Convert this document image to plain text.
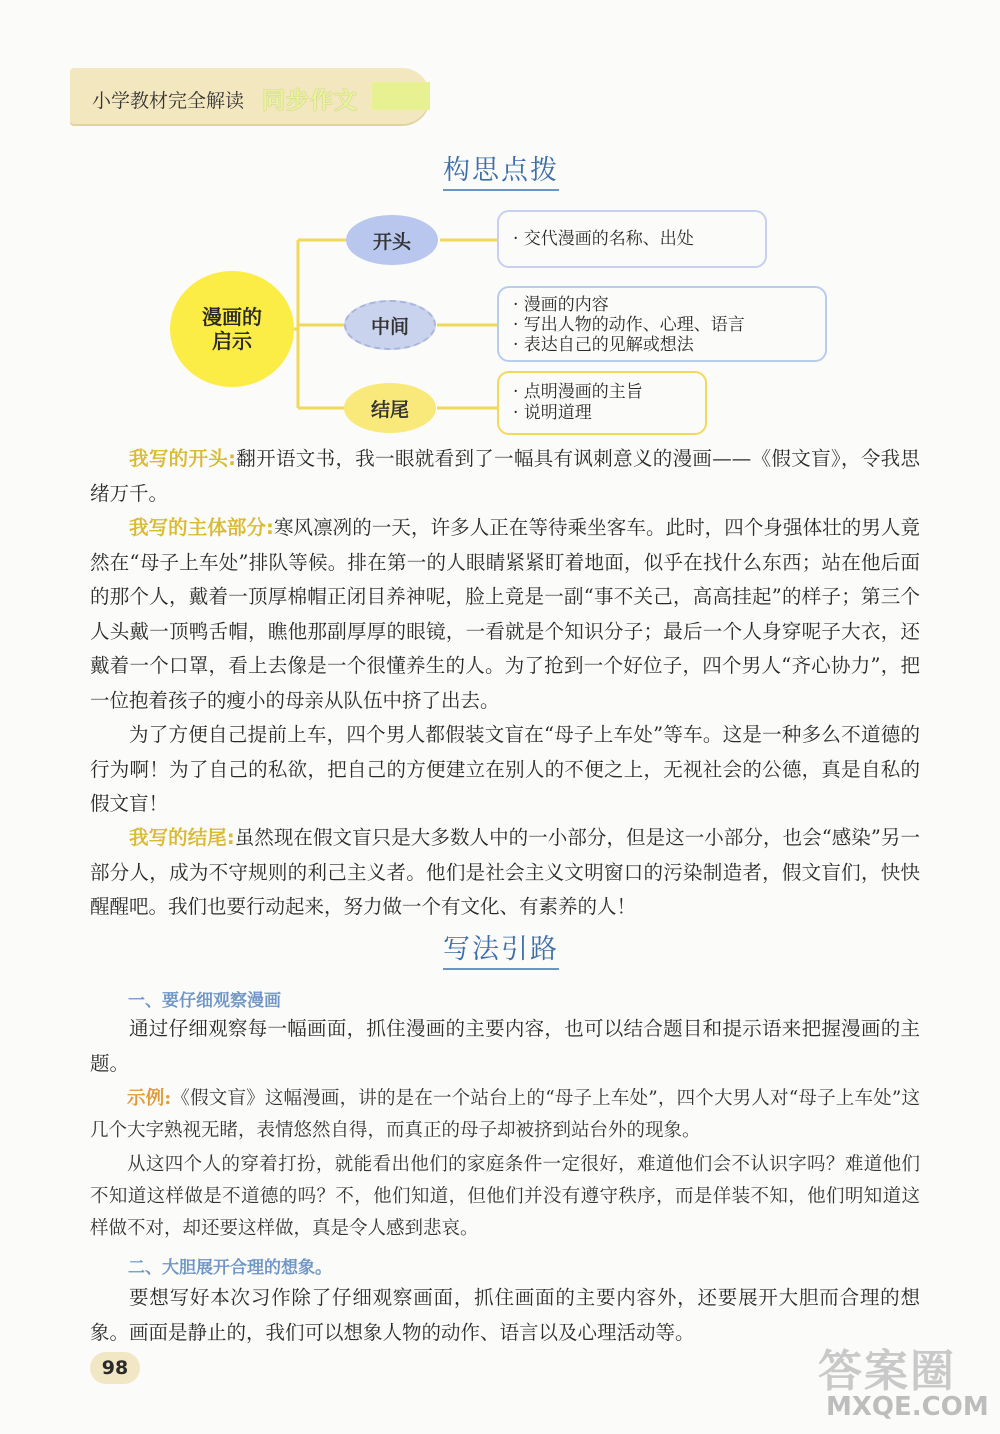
小学教材完全解读 同步作文
构思点拨
漫画的
启示
开头
中间
结尾
· 交代漫画的名称、出处
· 漫画的内容
· 写出人物的动作、心理、语言
· 表达自己的见解或想法
· 点明漫画的主旨
· 说明道理

我写的开头:翻开语文书，我一眼就看到了一幅具有讽刺意义的漫画——《假文盲》，令我思绪万千。

我写的主体部分:寒风凛冽的一天，许多人正在等待乘坐客车。此时，四个身强体壮的男人竟然在“母子上车处”排队等候。排在第一的人眼睛紧紧盯着地面，似乎在找什么东西；站在他后面的那个人，戴着一顶厚棉帽正闭目养神呢，脸上竟是一副“事不关己，高高挂起”的样子；第三个人头戴一顶鸭舌帽，瞧他那副厚厚的眼镜，一看就是个知识分子；最后一个人身穿呢子大衣，还戴着一个口罩，看上去像是一个很懂养生的人。为了抢到一个好位子，四个男人“齐心协力”，把一位抱着孩子的瘦小的母亲从队伍中挤了出去。

为了方便自己提前上车，四个男人都假装文盲在“母子上车处”等车。这是一种多么不道德的行为啊！为了自己的私欲，把自己的方便建立在别人的不便之上，无视社会的公德，真是自私的假文盲！

我写的结尾:虽然现在假文盲只是大多数人中的一小部分，但是这一小部分，也会“感染”另一部分人，成为不守规则的利己主义者。他们是社会主义文明窗口的污染制造者，假文盲们，快快醒醒吧。我们也要行动起来，努力做一个有文化、有素养的人！

写法引路
一、要仔细观察漫画

通过仔细观察每一幅画面，抓住漫画的主要内容，也可以结合题目和提示语来把握漫画的主题。

示例:《假文盲》这幅漫画，讲的是在一个站台上的“母子上车处”，四个大男人对“母子上车处”这几个大字熟视无睹，表情悠然自得，而真正的母子却被挤到站台外的现象。

从这四个人的穿着打扮，就能看出他们的家庭条件一定很好，难道他们会不认识字吗？难道他们不知道这样做是不道德的吗？不，他们知道，但他们并没有遵守秩序，而是佯装不知，他们明知道这样做不对，却还要这样做，真是令人感到悲哀。

二、大胆展开合理的想象。

要想写好本次习作除了仔细观察画面，抓住画面的主要内容外，还要展开大胆而合理的想象。画面是静止的，我们可以想象人物的动作、语言以及心理活动等。

98	答案圈
MXQE.COM
